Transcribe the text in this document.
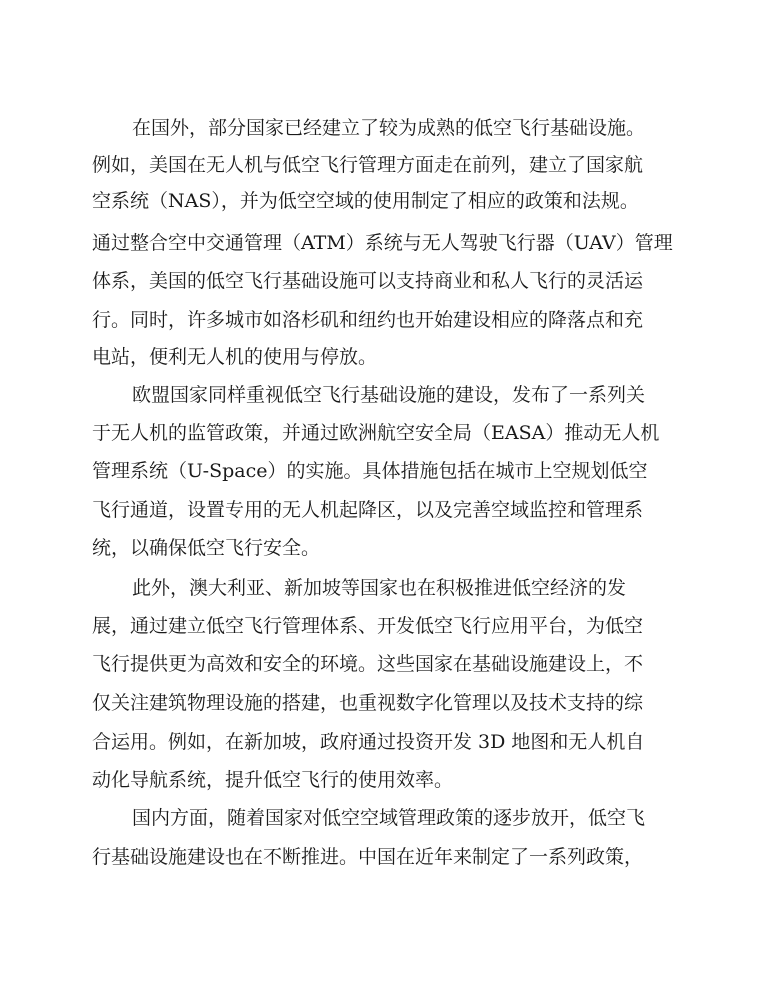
在国外，部分国家已经建立了较为成熟的低空飞行基础设施。
例如，美国在无人机与低空飞行管理方面走在前列，建立了国家航
空系统（NAS），并为低空空域的使用制定了相应的政策和法规。
通过整合空中交通管理（ATM）系统与无人驾驶飞行器（UAV）管理
体系，美国的低空飞行基础设施可以支持商业和私人飞行的灵活运
行。同时，许多城市如洛杉矶和纽约也开始建设相应的降落点和充
电站，便利无人机的使用与停放。
欧盟国家同样重视低空飞行基础设施的建设，发布了一系列关
于无人机的监管政策，并通过欧洲航空安全局（EASA）推动无人机
管理系统（U-Space）的实施。具体措施包括在城市上空规划低空
飞行通道，设置专用的无人机起降区，以及完善空域监控和管理系
统，以确保低空飞行安全。
此外，澳大利亚、新加坡等国家也在积极推进低空经济的发
展，通过建立低空飞行管理体系、开发低空飞行应用平台，为低空
飞行提供更为高效和安全的环境。这些国家在基础设施建设上，不
仅关注建筑物理设施的搭建，也重视数字化管理以及技术支持的综
合运用。例如，在新加坡，政府通过投资开发 3D 地图和无人机自
动化导航系统，提升低空飞行的使用效率。
国内方面，随着国家对低空空域管理政策的逐步放开，低空飞
行基础设施建设也在不断推进。中国在近年来制定了一系列政策，
